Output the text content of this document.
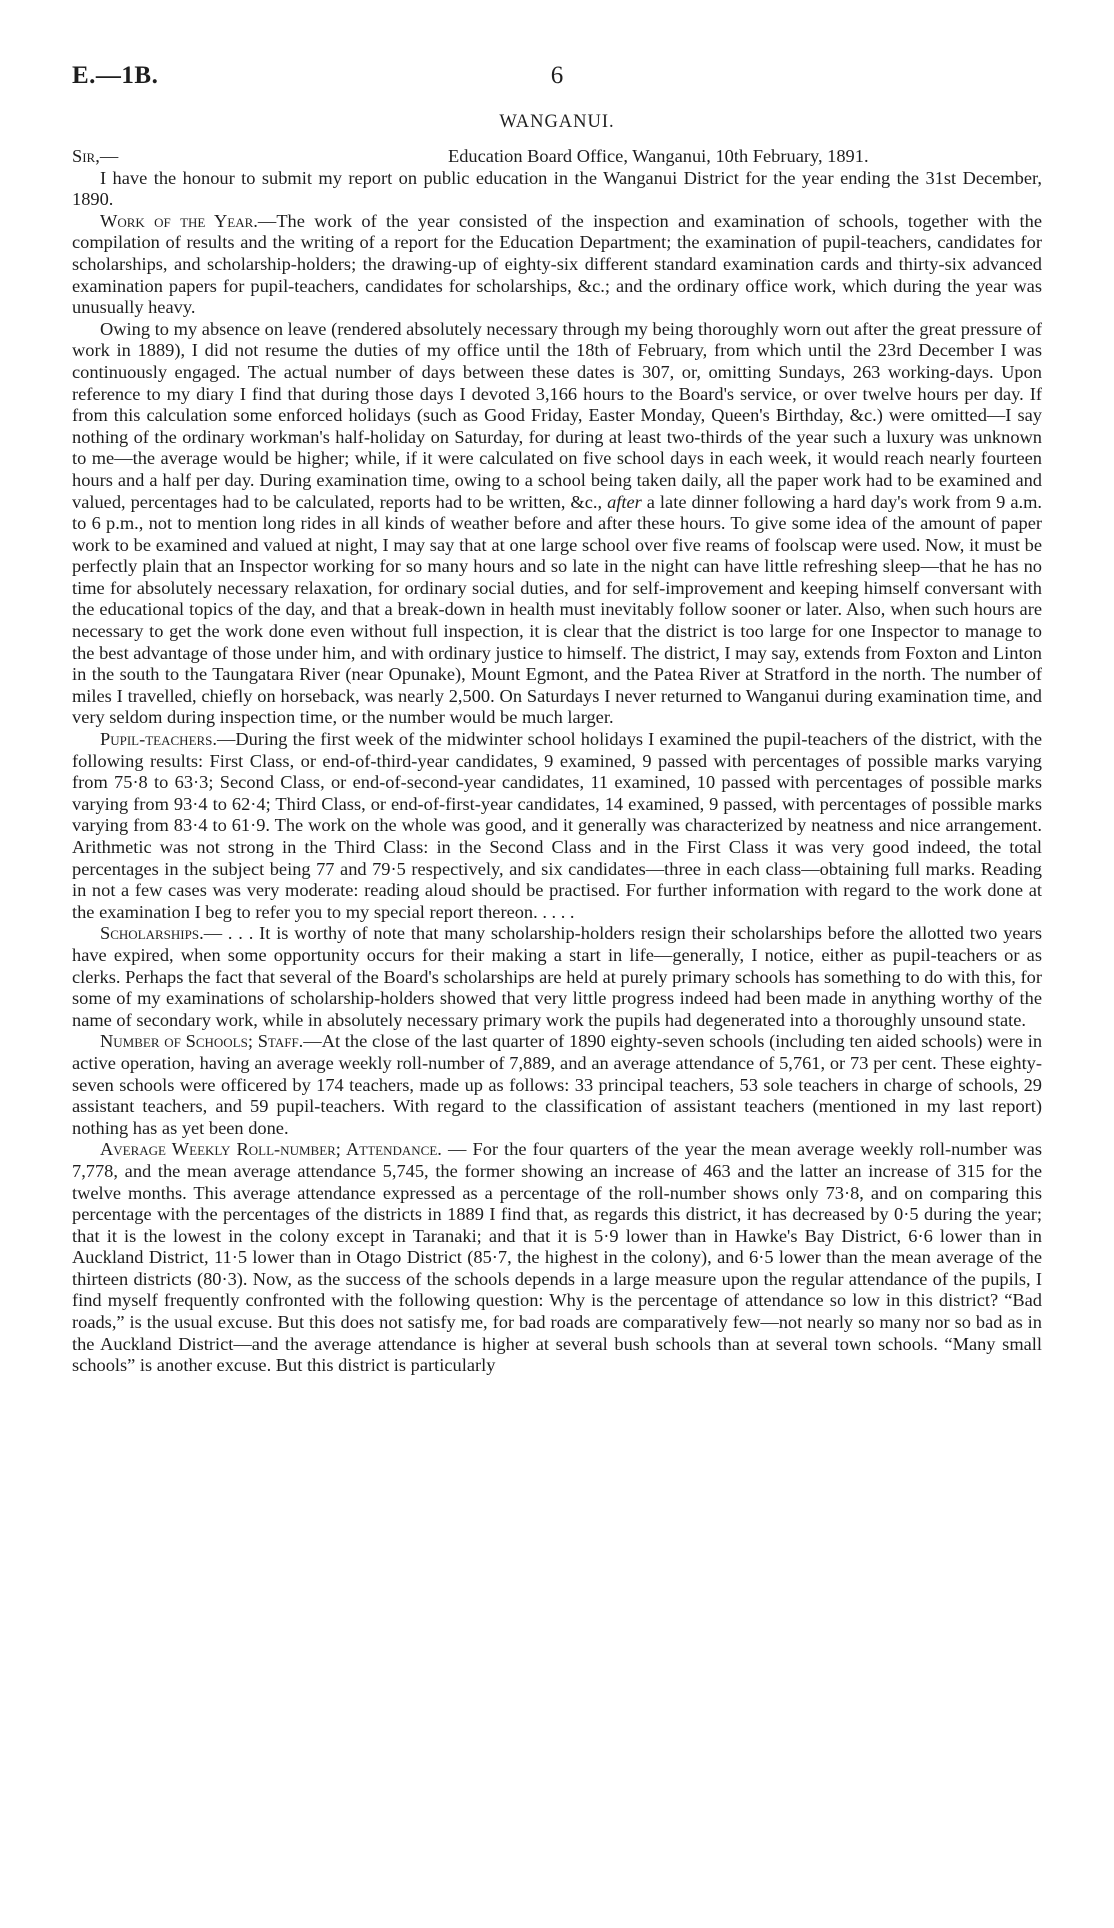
E.—1B.	6
WANGANUI.
Sir,—	Education Board Office, Wanganui, 10th February, 1891.

I have the honour to submit my report on public education in the Wanganui District for the year ending the 31st December, 1890.

Work of the Year.—The work of the year consisted of the inspection and examination of schools, together with the compilation of results and the writing of a report for the Education Department; the examination of pupil-teachers, candidates for scholarships, and scholarship-holders; the drawing-up of eighty-six different standard examination cards and thirty-six advanced examination papers for pupil-teachers, candidates for scholarships, &c.; and the ordinary office work, which during the year was unusually heavy.

Owing to my absence on leave (rendered absolutely necessary through my being thoroughly worn out after the great pressure of work in 1889), I did not resume the duties of my office until the 18th of February, from which until the 23rd December I was continuously engaged. The actual number of days between these dates is 307, or, omitting Sundays, 263 working-days. Upon reference to my diary I find that during those days I devoted 3,166 hours to the Board's service, or over twelve hours per day. If from this calculation some enforced holidays (such as Good Friday, Easter Monday, Queen's Birthday, &c.) were omitted—I say nothing of the ordinary workman's half-holiday on Saturday, for during at least two-thirds of the year such a luxury was unknown to me—the average would be higher; while, if it were calculated on five school days in each week, it would reach nearly fourteen hours and a half per day. During examination time, owing to a school being taken daily, all the paper work had to be examined and valued, percentages had to be calculated, reports had to be written, &c., after a late dinner following a hard day's work from 9 a.m. to 6 p.m., not to mention long rides in all kinds of weather before and after these hours. To give some idea of the amount of paper work to be examined and valued at night, I may say that at one large school over five reams of foolscap were used. Now, it must be perfectly plain that an Inspector working for so many hours and so late in the night can have little refreshing sleep—that he has no time for absolutely necessary relaxation, for ordinary social duties, and for self-improvement and keeping himself conversant with the educational topics of the day, and that a break-down in health must inevitably follow sooner or later. Also, when such hours are necessary to get the work done even without full inspection, it is clear that the district is too large for one Inspector to manage to the best advantage of those under him, and with ordinary justice to himself. The district, I may say, extends from Foxton and Linton in the south to the Taungatara River (near Opunake), Mount Egmont, and the Patea River at Stratford in the north. The number of miles I travelled, chiefly on horseback, was nearly 2,500. On Saturdays I never returned to Wanganui during examination time, and very seldom during inspection time, or the number would be much larger.

Pupil-teachers.—During the first week of the midwinter school holidays I examined the pupil-teachers of the district, with the following results: First Class, or end-of-third-year candidates, 9 examined, 9 passed with percentages of possible marks varying from 75·8 to 63·3; Second Class, or end-of-second-year candidates, 11 examined, 10 passed with percentages of possible marks varying from 93·4 to 62·4; Third Class, or end-of-first-year candidates, 14 examined, 9 passed, with percentages of possible marks varying from 83·4 to 61·9. The work on the whole was good, and it generally was characterized by neatness and nice arrangement. Arithmetic was not strong in the Third Class: in the Second Class and in the First Class it was very good indeed, the total percentages in the subject being 77 and 79·5 respectively, and six candidates—three in each class—obtaining full marks. Reading in not a few cases was very moderate: reading aloud should be practised. For further information with regard to the work done at the examination I beg to refer you to my special report thereon. . . . .

Scholarships.— . . . It is worthy of note that many scholarship-holders resign their scholarships before the allotted two years have expired, when some opportunity occurs for their making a start in life—generally, I notice, either as pupil-teachers or as clerks. Perhaps the fact that several of the Board's scholarships are held at purely primary schools has something to do with this, for some of my examinations of scholarship-holders showed that very little progress indeed had been made in anything worthy of the name of secondary work, while in absolutely necessary primary work the pupils had degenerated into a thoroughly unsound state.

Number of Schools; Staff.—At the close of the last quarter of 1890 eighty-seven schools (including ten aided schools) were in active operation, having an average weekly roll-number of 7,889, and an average attendance of 5,761, or 73 per cent. These eighty-seven schools were officered by 174 teachers, made up as follows: 33 principal teachers, 53 sole teachers in charge of schools, 29 assistant teachers, and 59 pupil-teachers. With regard to the classification of assistant teachers (mentioned in my last report) nothing has as yet been done.

Average Weekly Roll-number; Attendance. — For the four quarters of the year the mean average weekly roll-number was 7,778, and the mean average attendance 5,745, the former showing an increase of 463 and the latter an increase of 315 for the twelve months. This average attendance expressed as a percentage of the roll-number shows only 73·8, and on comparing this percentage with the percentages of the districts in 1889 I find that, as regards this district, it has decreased by 0·5 during the year; that it is the lowest in the colony except in Taranaki; and that it is 5·9 lower than in Hawke's Bay District, 6·6 lower than in Auckland District, 11·5 lower than in Otago District (85·7, the highest in the colony), and 6·5 lower than the mean average of the thirteen districts (80·3). Now, as the success of the schools depends in a large measure upon the regular attendance of the pupils, I find myself frequently confronted with the following question: Why is the percentage of attendance so low in this district? “Bad roads,” is the usual excuse. But this does not satisfy me, for bad roads are comparatively few—not nearly so many nor so bad as in the Auckland District—and the average attendance is higher at several bush schools than at several town schools. “Many small schools” is another excuse. But this district is particularly
